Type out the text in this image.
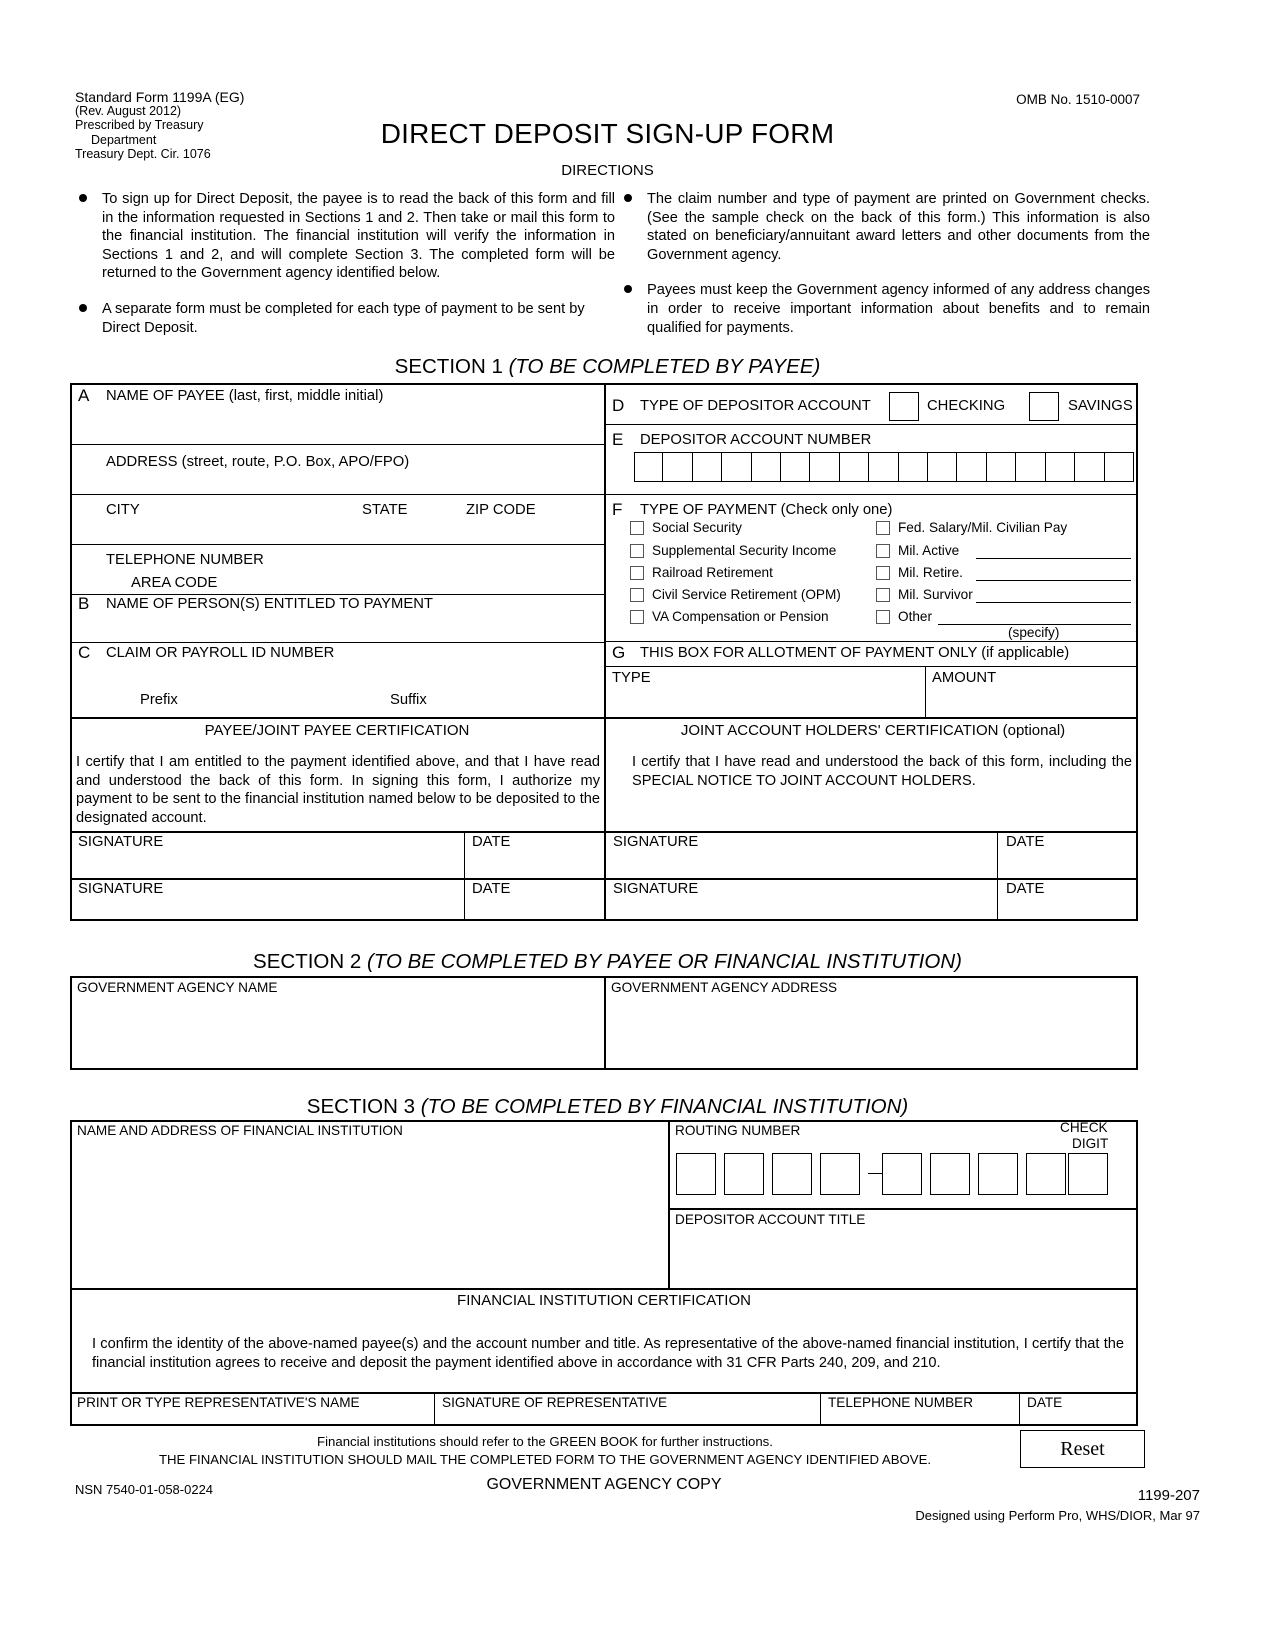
Standard Form 1199A (EG)
(Rev. August 2012)
Prescribed by Treasury
Department
Treasury Dept. Cir. 1076
OMB No. 1510-0007
DIRECT DEPOSIT SIGN-UP FORM
DIRECTIONS

To sign up for Direct Deposit, the payee is to read the back of this form and fill in the information requested in Sections 1 and 2. Then take or mail this form to the financial institution. The financial institution will verify the information in Sections 1 and 2, and will complete Section 3. The completed form will be returned to the Government agency identified below.

A separate form must be completed for each type of payment to be sent by Direct Deposit.

The claim number and type of payment are printed on Government checks. (See the sample check on the back of this form.) This information is also stated on beneficiary/annuitant award letters and other documents from the Government agency.

Payees must keep the Government agency informed of any address changes in order to receive important information about benefits and to remain qualified for payments.

SECTION 1 (TO BE COMPLETED BY PAYEE)
A NAME OF PAYEE (last, first, middle initial)
ADDRESS (street, route, P.O. Box, APO/FPO)
CITY	STATE	ZIP CODE
TELEPHONE NUMBER
AREA CODE
B NAME OF PERSON(S) ENTITLED TO PAYMENT
C CLAIM OR PAYROLL ID NUMBER
Prefix	Suffix
D TYPE OF DEPOSITOR ACCOUNT	CHECKING	SAVINGS
E DEPOSITOR ACCOUNT NUMBER
F TYPE OF PAYMENT (Check only one)
Social Security
Supplemental Security Income
Railroad Retirement
Civil Service Retirement (OPM)
VA Compensation or Pension
Fed. Salary/Mil. Civilian Pay
Mil. Active
Mil. Retire.
Mil. Survivor
Other
(specify)
G THIS BOX FOR ALLOTMENT OF PAYMENT ONLY (if applicable)
TYPE	AMOUNT
PAYEE/JOINT PAYEE CERTIFICATION
I certify that I am entitled to the payment identified above, and that I have read and understood the back of this form. In signing this form, I authorize my payment to be sent to the financial institution named below to be deposited to the designated account.
JOINT ACCOUNT HOLDERS' CERTIFICATION (optional)
I certify that I have read and understood the back of this form, including the SPECIAL NOTICE TO JOINT ACCOUNT HOLDERS.
SIGNATURE	DATE	SIGNATURE	DATE
SIGNATURE	DATE	SIGNATURE	DATE
SECTION 2 (TO BE COMPLETED BY PAYEE OR FINANCIAL INSTITUTION)
GOVERNMENT AGENCY NAME	GOVERNMENT AGENCY ADDRESS
SECTION 3 (TO BE COMPLETED BY FINANCIAL INSTITUTION)
NAME AND ADDRESS OF FINANCIAL INSTITUTION	ROUTING NUMBER	CHECK
DIGIT
DEPOSITOR ACCOUNT TITLE
FINANCIAL INSTITUTION CERTIFICATION
I confirm the identity of the above-named payee(s) and the account number and title. As representative of the above-named financial institution, I certify that the financial institution agrees to receive and deposit the payment identified above in accordance with 31 CFR Parts 240, 209, and 210.
PRINT OR TYPE REPRESENTATIVE'S NAME	SIGNATURE OF REPRESENTATIVE	TELEPHONE NUMBER	DATE
Financial institutions should refer to the GREEN BOOK for further instructions.
THE FINANCIAL INSTITUTION SHOULD MAIL THE COMPLETED FORM TO THE GOVERNMENT AGENCY IDENTIFIED ABOVE.	Reset
NSN 7540-01-058-0224	GOVERNMENT AGENCY COPY
1199-207
Designed using Perform Pro, WHS/DIOR, Mar 97
